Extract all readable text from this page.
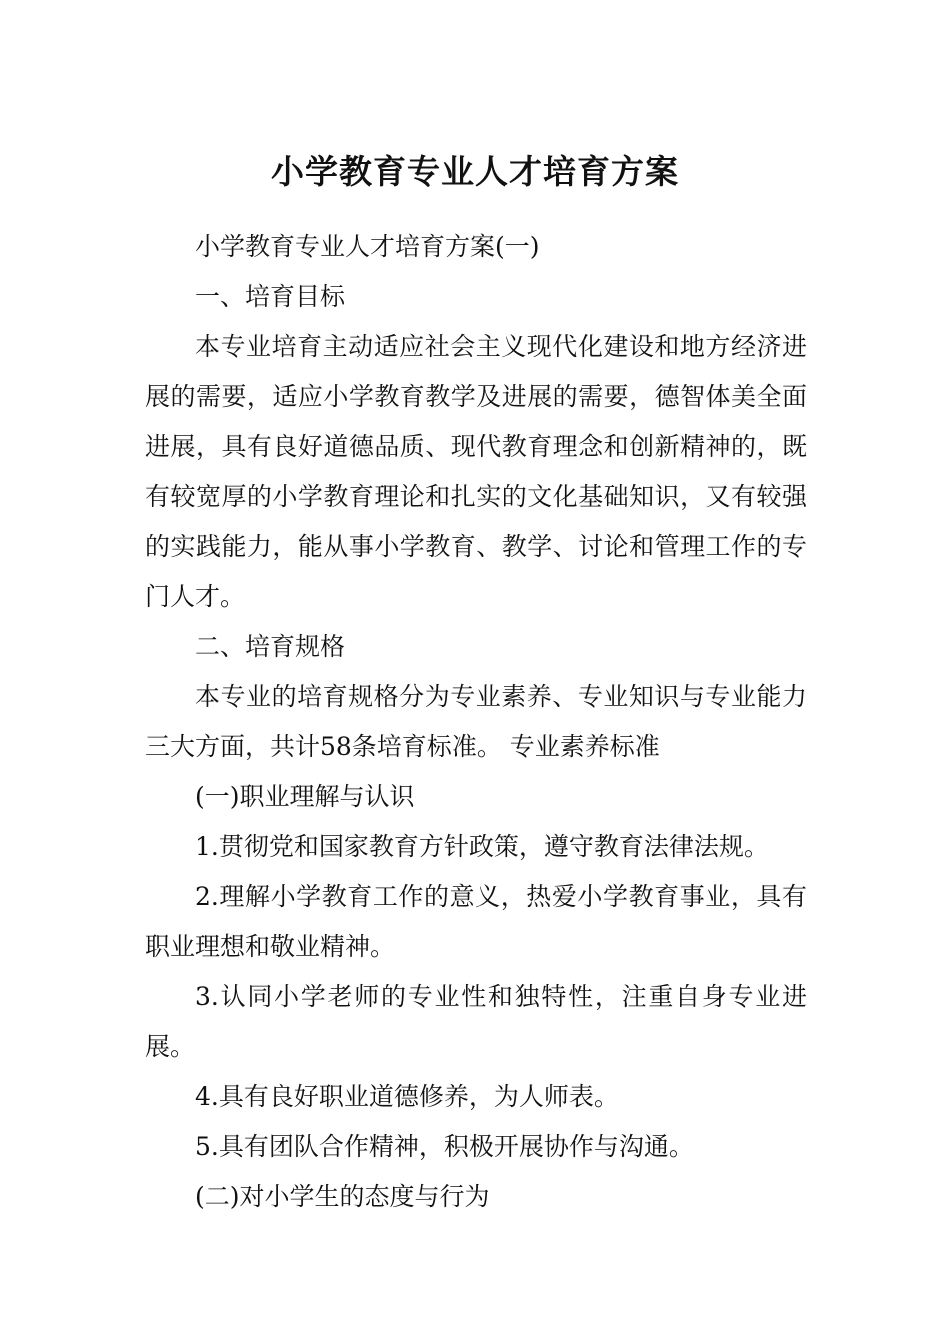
小学教育专业人才培育方案

小学教育专业人才培育方案(一)

一、培育目标

本专业培育主动适应社会主义现代化建设和地方经济进展的需要，适应小学教育教学及进展的需要，德智体美全面进展，具有良好道德品质、现代教育理念和创新精神的，既有较宽厚的小学教育理论和扎实的文化基础知识，又有较强的实践能力，能从事小学教育、教学、讨论和管理工作的专门人才。

二、培育规格

本专业的培育规格分为专业素养、专业知识与专业能力三大方面，共计58条培育标准。 专业素养标准

(一)职业理解与认识

1.贯彻党和国家教育方针政策，遵守教育法律法规。

2.理解小学教育工作的意义，热爱小学教育事业，具有职业理想和敬业精神。

3.认同小学老师的专业性和独特性，注重自身专业进展。

4.具有良好职业道德修养，为人师表。

5.具有团队合作精神，积极开展协作与沟通。

(二)对小学生的态度与行为
